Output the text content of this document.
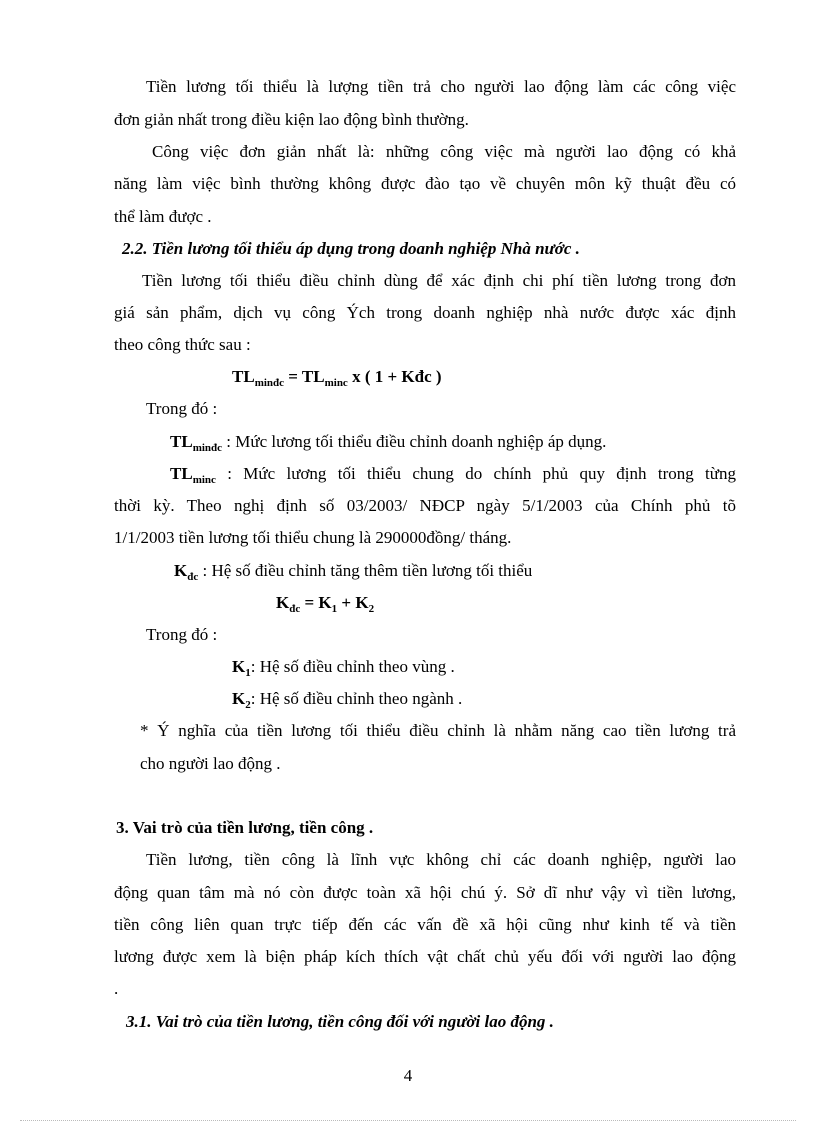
Tiền lương tối thiểu là lượng tiền trả cho người lao động làm các công việc
đơn giản nhất trong điều kiện lao động bình thường.
Công việc đơn giản nhất là: những công việc mà người lao động có khả
năng làm việc bình thường không được đào tạo về chuyên môn kỹ thuật đều có
thể làm được .
2.2. Tiền lương tối thiểu áp dụng trong doanh nghiệp Nhà nước .
Tiền lương tối thiểu điều chỉnh dùng để xác định chi phí tiền lương trong đơn
giá sản phẩm, dịch vụ công Ých trong doanh nghiệp nhà nước được xác định
theo công thức sau :
$TL_{minđc} = TL_{minc}$ x ( 1 + Kđc )
Trong đó :
$TL_{minđc}$ : Mức lương tối thiểu điều chỉnh doanh nghiệp áp dụng.
$TL_{minc}$ : Mức lương tối thiểu chung do chính phủ quy định trong từng
thời kỳ. Theo nghị định số 03/2003/ NĐCP ngày 5/1/2003 của Chính phủ tõ
1/1/2003 tiền lương tối thiểu chung là 290000đồng/ tháng.
$K_{đc}$ : Hệ số điều chỉnh tăng thêm tiền lương tối thiểu
$K_{đc} = K_1 + K_2$
Trong đó :
$K_1$: Hệ số điều chỉnh theo vùng .
$K_2$: Hệ số điều chỉnh theo ngành .
* Ý nghĩa của tiền lương tối thiểu điều chỉnh là nhằm năng cao tiền lương trả
cho người lao động .
3. Vai trò của tiền lương, tiền công .
Tiền lương, tiền công là lĩnh vực không chỉ các doanh nghiệp, người lao
động quan tâm mà nó còn được toàn xã hội chú ý. Sở dĩ như vậy vì tiền lương,
tiền công liên quan trực tiếp đến các vấn đề xã hội cũng như kinh tế và tiền
lương được xem là biện pháp kích thích vật chất chủ yếu đối với người lao động
.
3.1. Vai trò của tiền lương, tiền công đối với người lao động .
4
